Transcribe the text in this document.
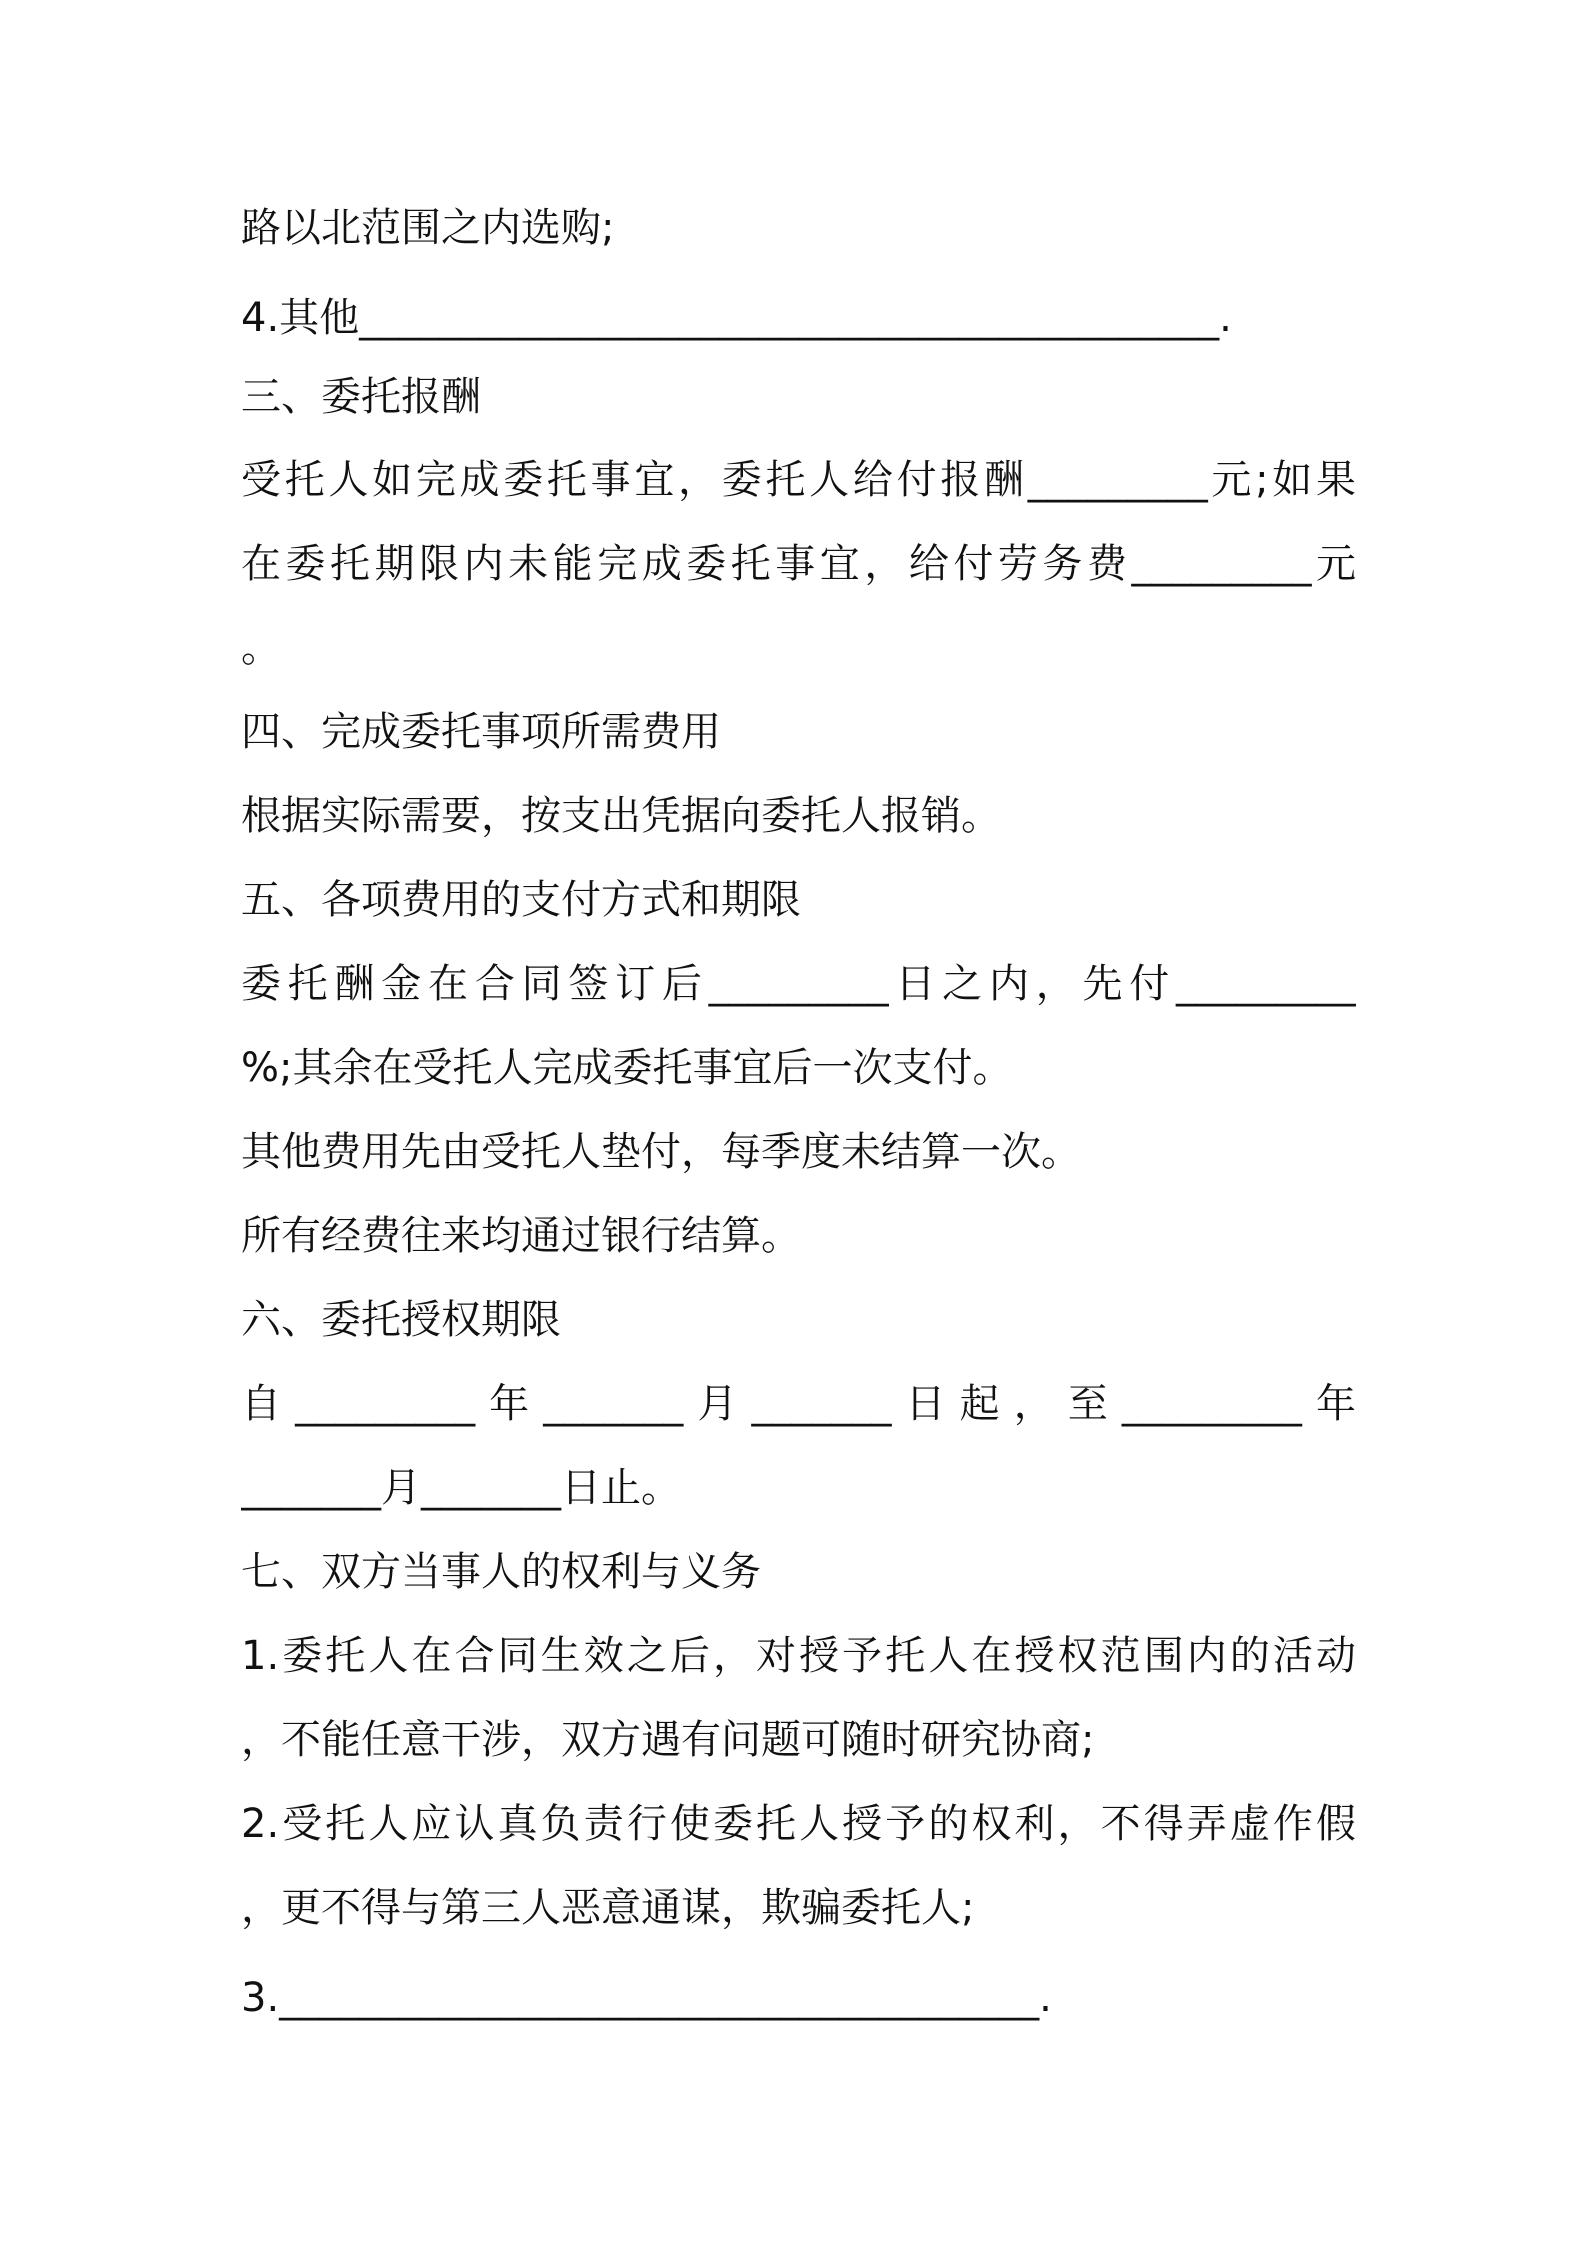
路以北范围之内选购;
4.其他___________________________________________.
三、委托报酬
受托人如完成委托事宜，委托人给付报酬_________元;如果
在委托期限内未能完成委托事宜，给付劳务费_________元
。
四、完成委托事项所需费用
根据实际需要，按支出凭据向委托人报销。
五、各项费用的支付方式和期限
委托酬金在合同签订后_________日之内，先付_________
%;其余在受托人完成委托事宜后一次支付。
其他费用先由受托人垫付，每季度未结算一次。
所有经费往来均通过银行结算。
六、委托授权期限
自_________年_______月_______日起，至_________年
_______月_______日止。
七、双方当事人的权利与义务
1.委托人在合同生效之后，对授予托人在授权范围内的活动
，不能任意干涉，双方遇有问题可随时研究协商;
2.受托人应认真负责行使委托人授予的权利，不得弄虚作假
，更不得与第三人恶意通谋，欺骗委托人;
3.______________________________________.
